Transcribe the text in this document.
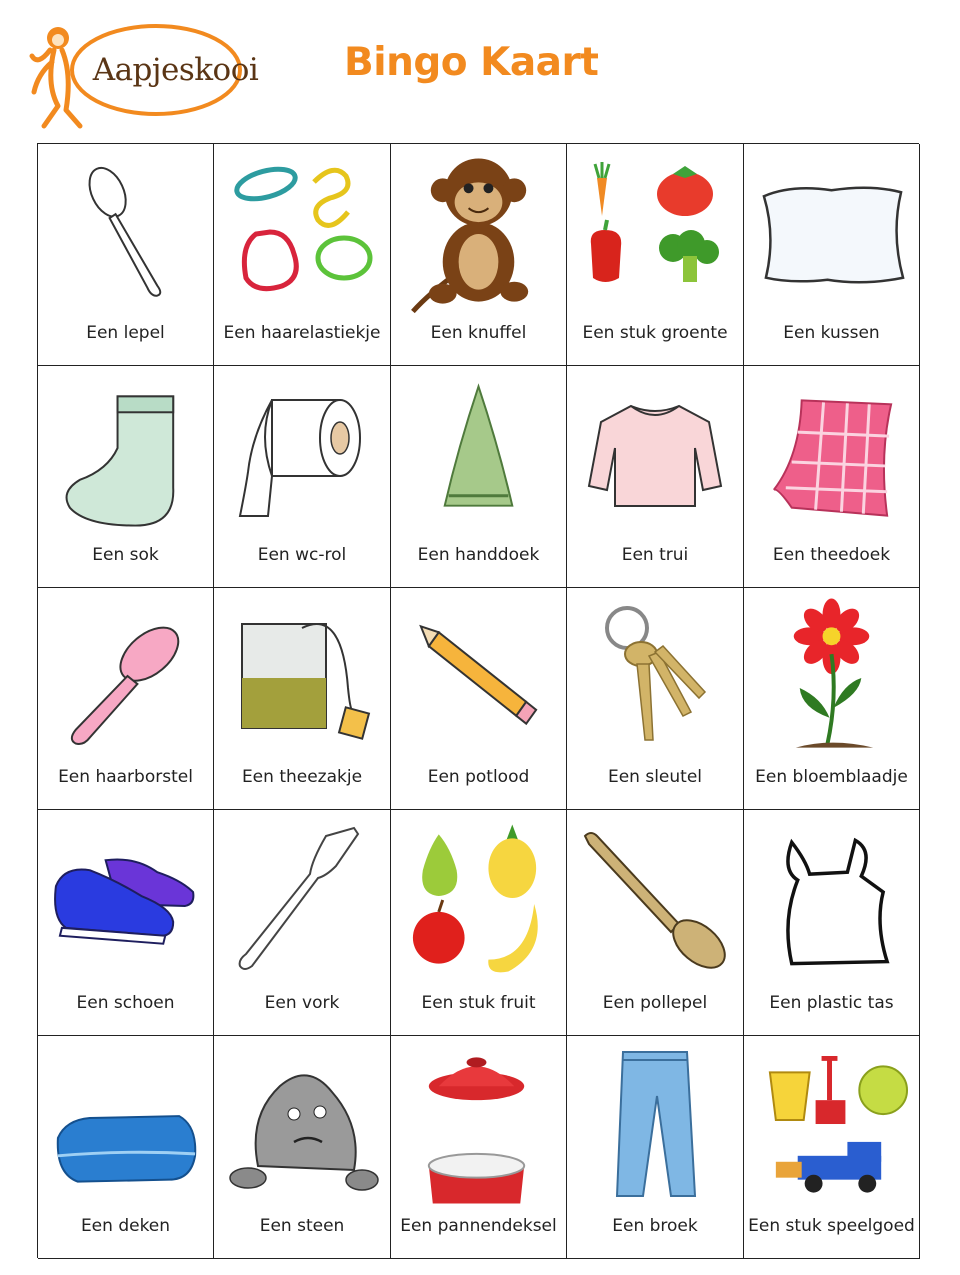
Aapjeskooi Bingo Kaart
Een lepel	Een haarelastiekje	Een knuffel	Een stuk groente	Een kussen
Een sok	Een wc-rol	Een handdoek	Een trui	Een theedoek
Een haarborstel	Een theezakje	Een potlood	Een sleutel	Een bloemblaadje
Een schoen	Een vork	Een stuk fruit	Een pollepel	Een plastic tas
Een deken	Een steen	Een pannendeksel	Een broek	Een stuk speelgoed
